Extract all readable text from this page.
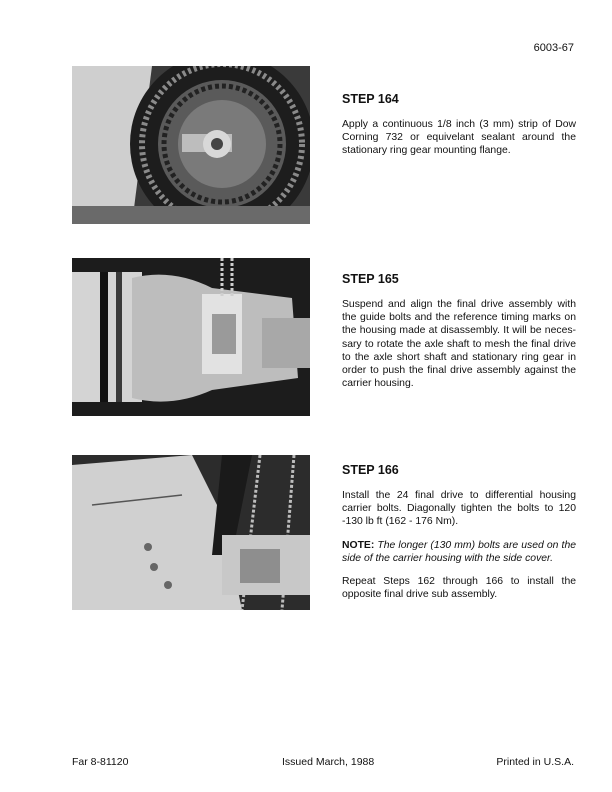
6003-67
STEP 164

Apply a continuous 1/8 inch (3 mm) strip of Dow Corning 732 or equivelant sealant around the stationary ring gear mounting flange.

STEP 165

Suspend and align the final drive assembly with the guide bolts and the reference timing marks on the housing made at disassembly. It will be neces-sary to rotate the axle shaft to mesh the final drive to the axle short shaft and stationary ring gear in order to push the final drive assembly against the carrier housing.

STEP 166

Install the 24 final drive to differential housing carrier bolts. Diagonally tighten the bolts to 120 -130 lb ft (162 - 176 Nm).

NOTE: The longer (130 mm) bolts are used on the side of the carrier housing with the side cover.

Repeat Steps 162 through 166 to install the opposite final drive sub assembly.

Far 8-81120	Issued March, 1988	Printed in U.S.A.
